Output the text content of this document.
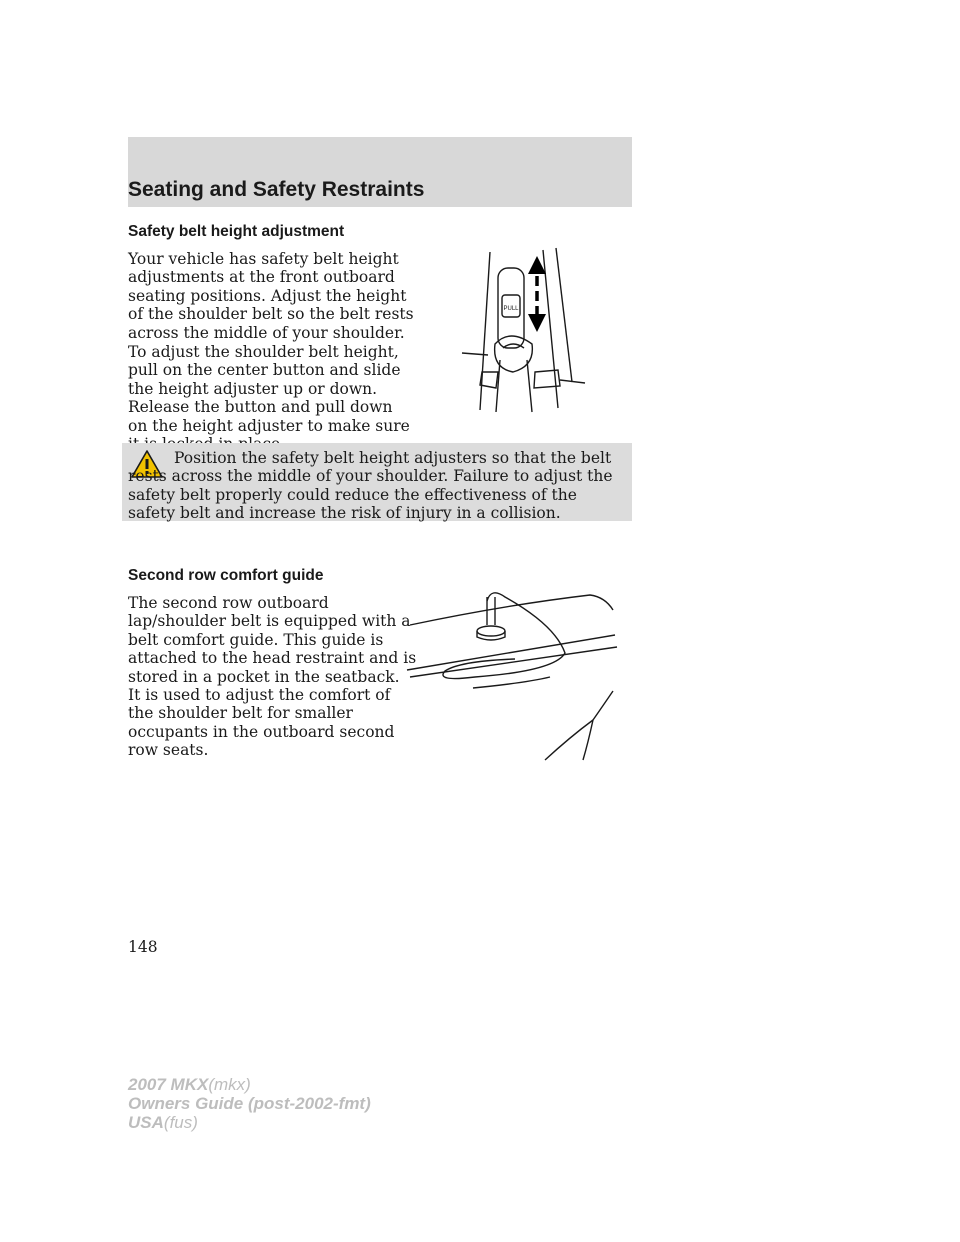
Seating and Safety Restraints
Safety belt height adjustment

Your vehicle has safety belt height
adjustments at the front outboard
seating positions. Adjust the height
of the shoulder belt so the belt rests
across the middle of your shoulder.

To adjust the shoulder belt height,
pull on the center button and slide
the height adjuster up or down.
Release the button and pull down
on the height adjuster to make sure

PULL

Position the safety belt height adjusters so that the belt rests across the middle of your shoulder. Failure to adjust the safety belt properly could reduce the effectiveness of the safety belt and increase the risk of injury in a collision.

Second row comfort guide

The second row outboard
lap/shoulder belt is equipped with a
belt comfort guide. This guide is
attached to the head restraint and is
stored in a pocket in the seatback.
It is used to adjust the comfort of
the shoulder belt for smaller
occupants in the outboard second
row seats.

148
2007 MKX(mkx)
Owners Guide (post-2002-fmt)
USA(fus)
